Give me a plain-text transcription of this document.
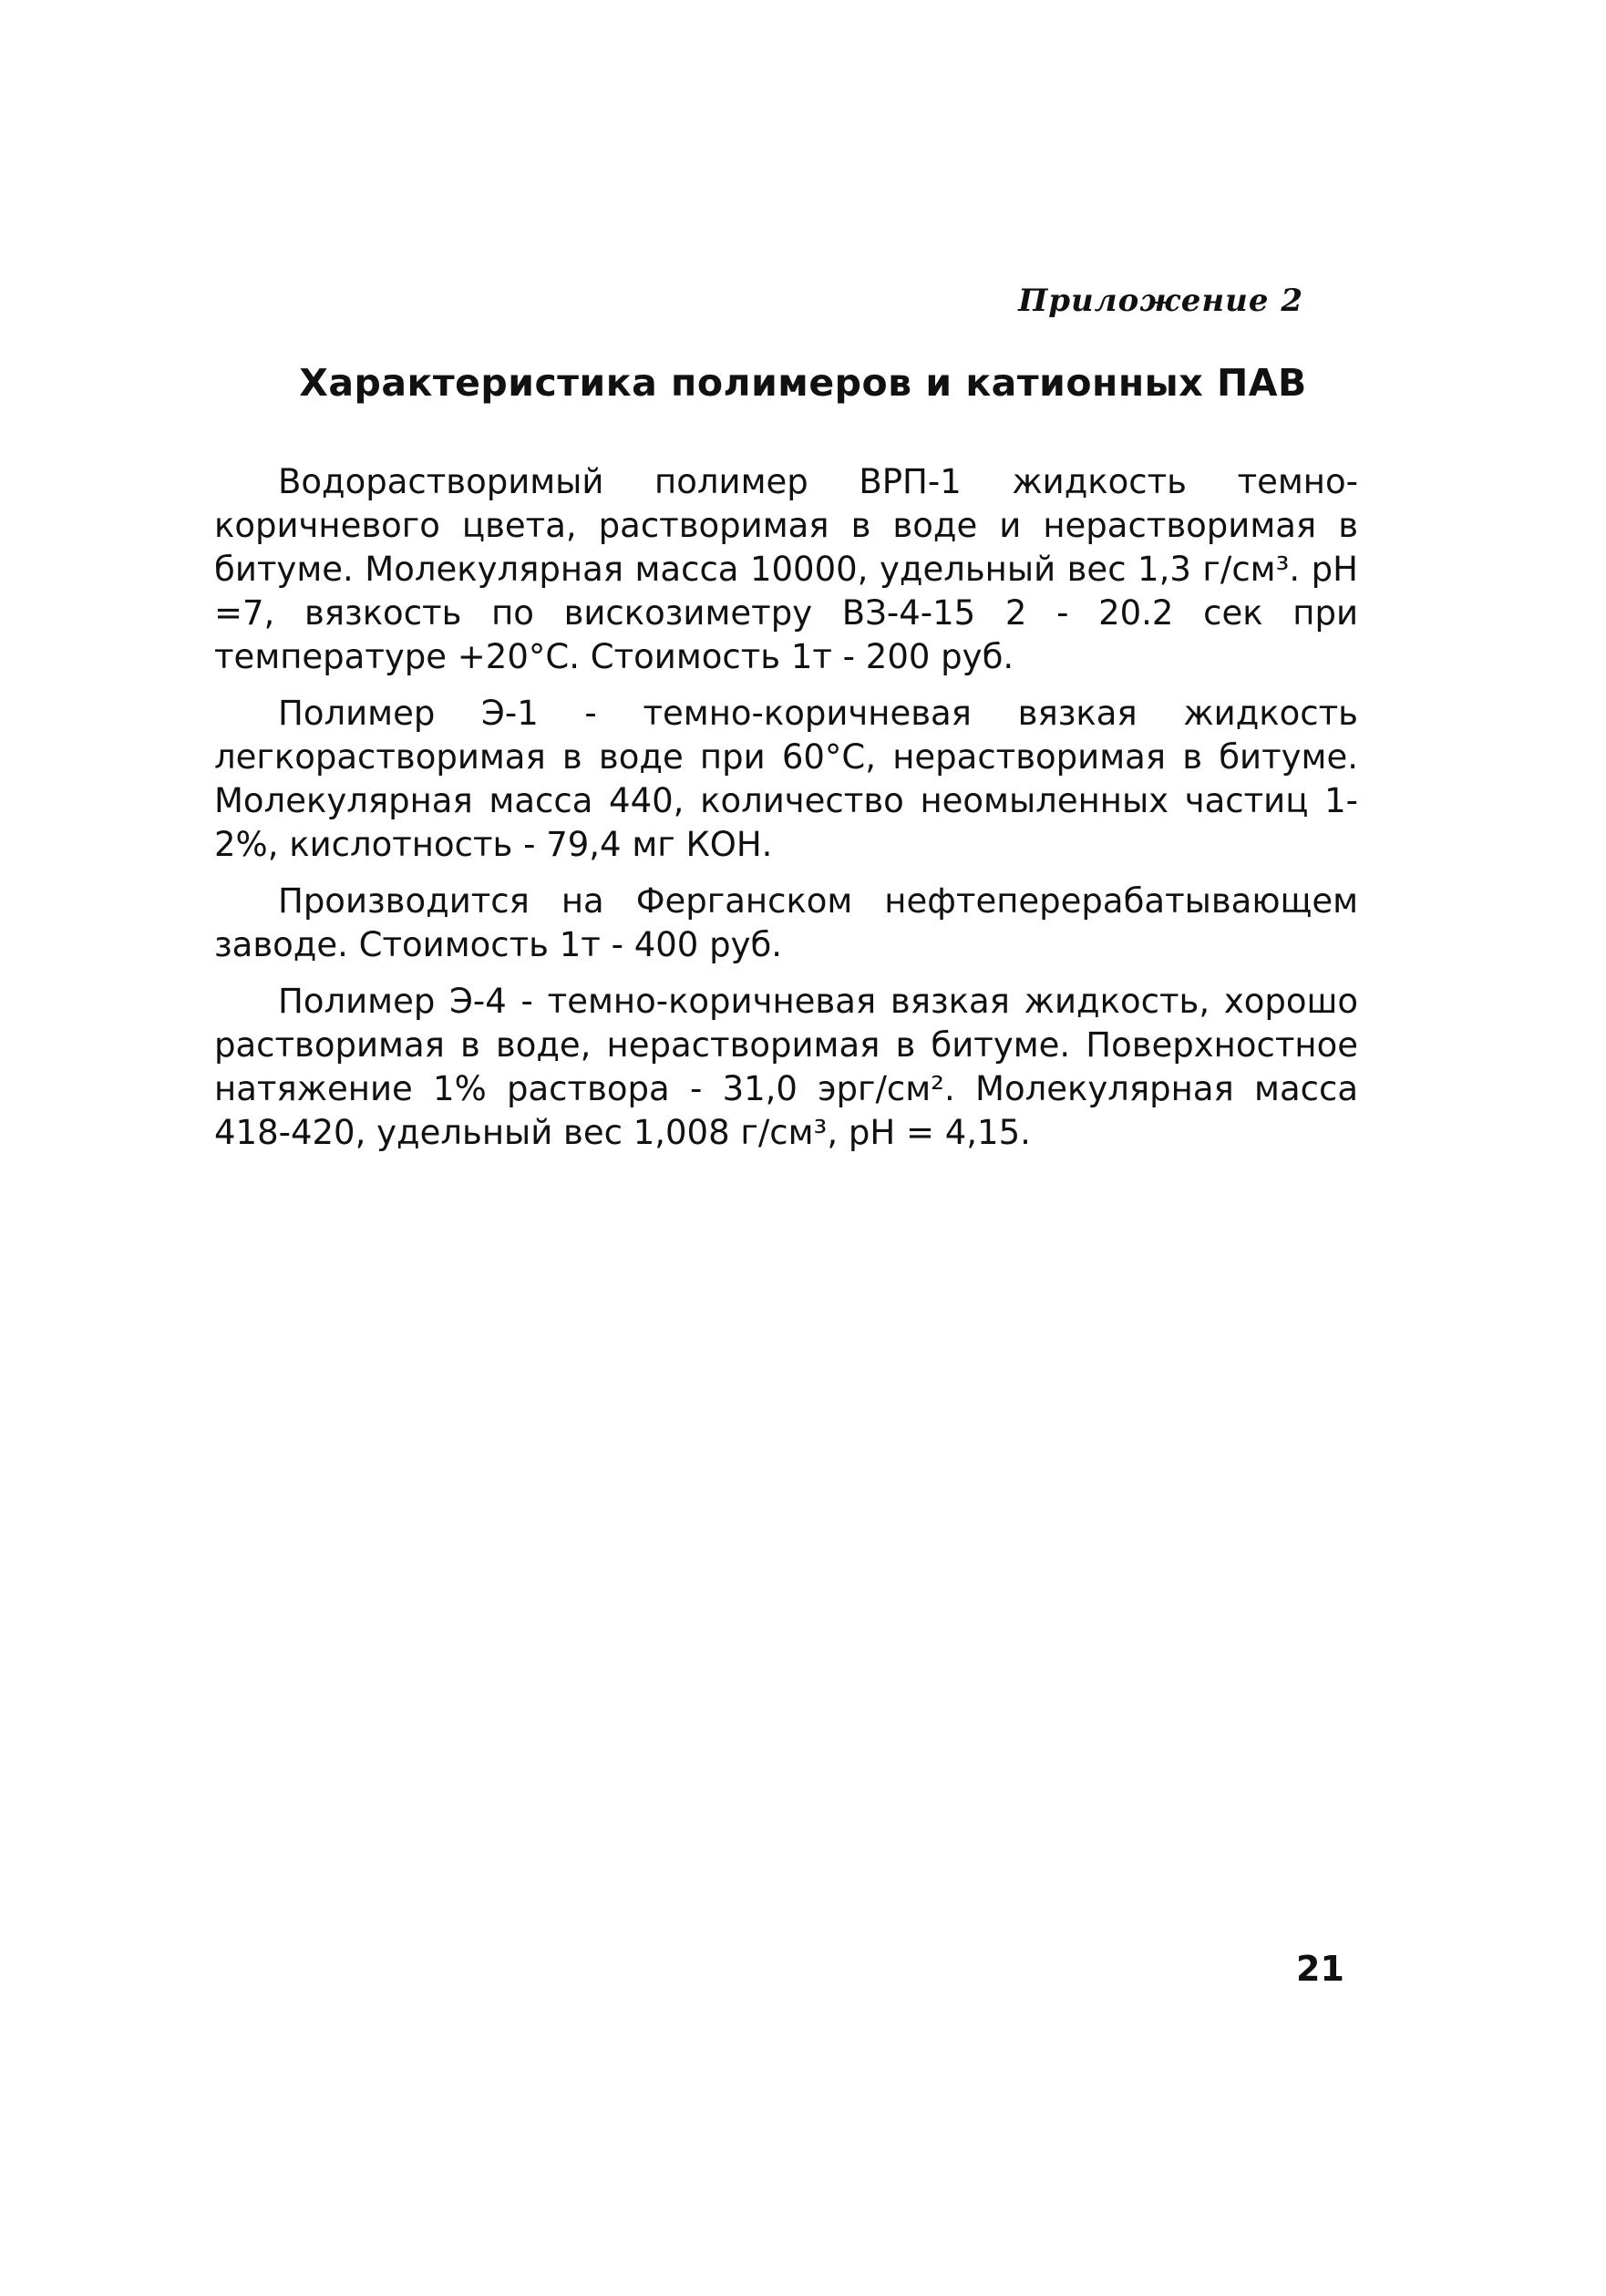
Приложение 2
Характеристика полимеров и катионных ПАВ

Водорастворимый полимер ВРП-1 жидкость темно-коричневого цвета, растворимая в воде и нерастворимая в битуме. Молекулярная масса 10000, удельный вес 1,3 г/см³. pH =7, вязкость по вискозиметру ВЗ-4-15 2 - 20.2 сек при температуре +20°С. Стоимость 1т - 200 руб.

Полимер Э-1 - темно-коричневая вязкая жидкость легкорастворимая в воде при 60°С, нерастворимая в битуме. Молекулярная масса 440, количество неомыленных частиц 1-2%, кислотность - 79,4 мг КОН.

Производится на Ферганском нефтеперерабатывающем заводе. Стоимость 1т - 400 руб.

Полимер Э-4 - темно-коричневая вязкая жидкость, хорошо растворимая в воде, нерастворимая в битуме. Поверхностное натяжение 1% раствора - 31,0 эрг/см². Молекулярная масса 418-420, удельный вес 1,008 г/см³, pH = 4,15.

21
